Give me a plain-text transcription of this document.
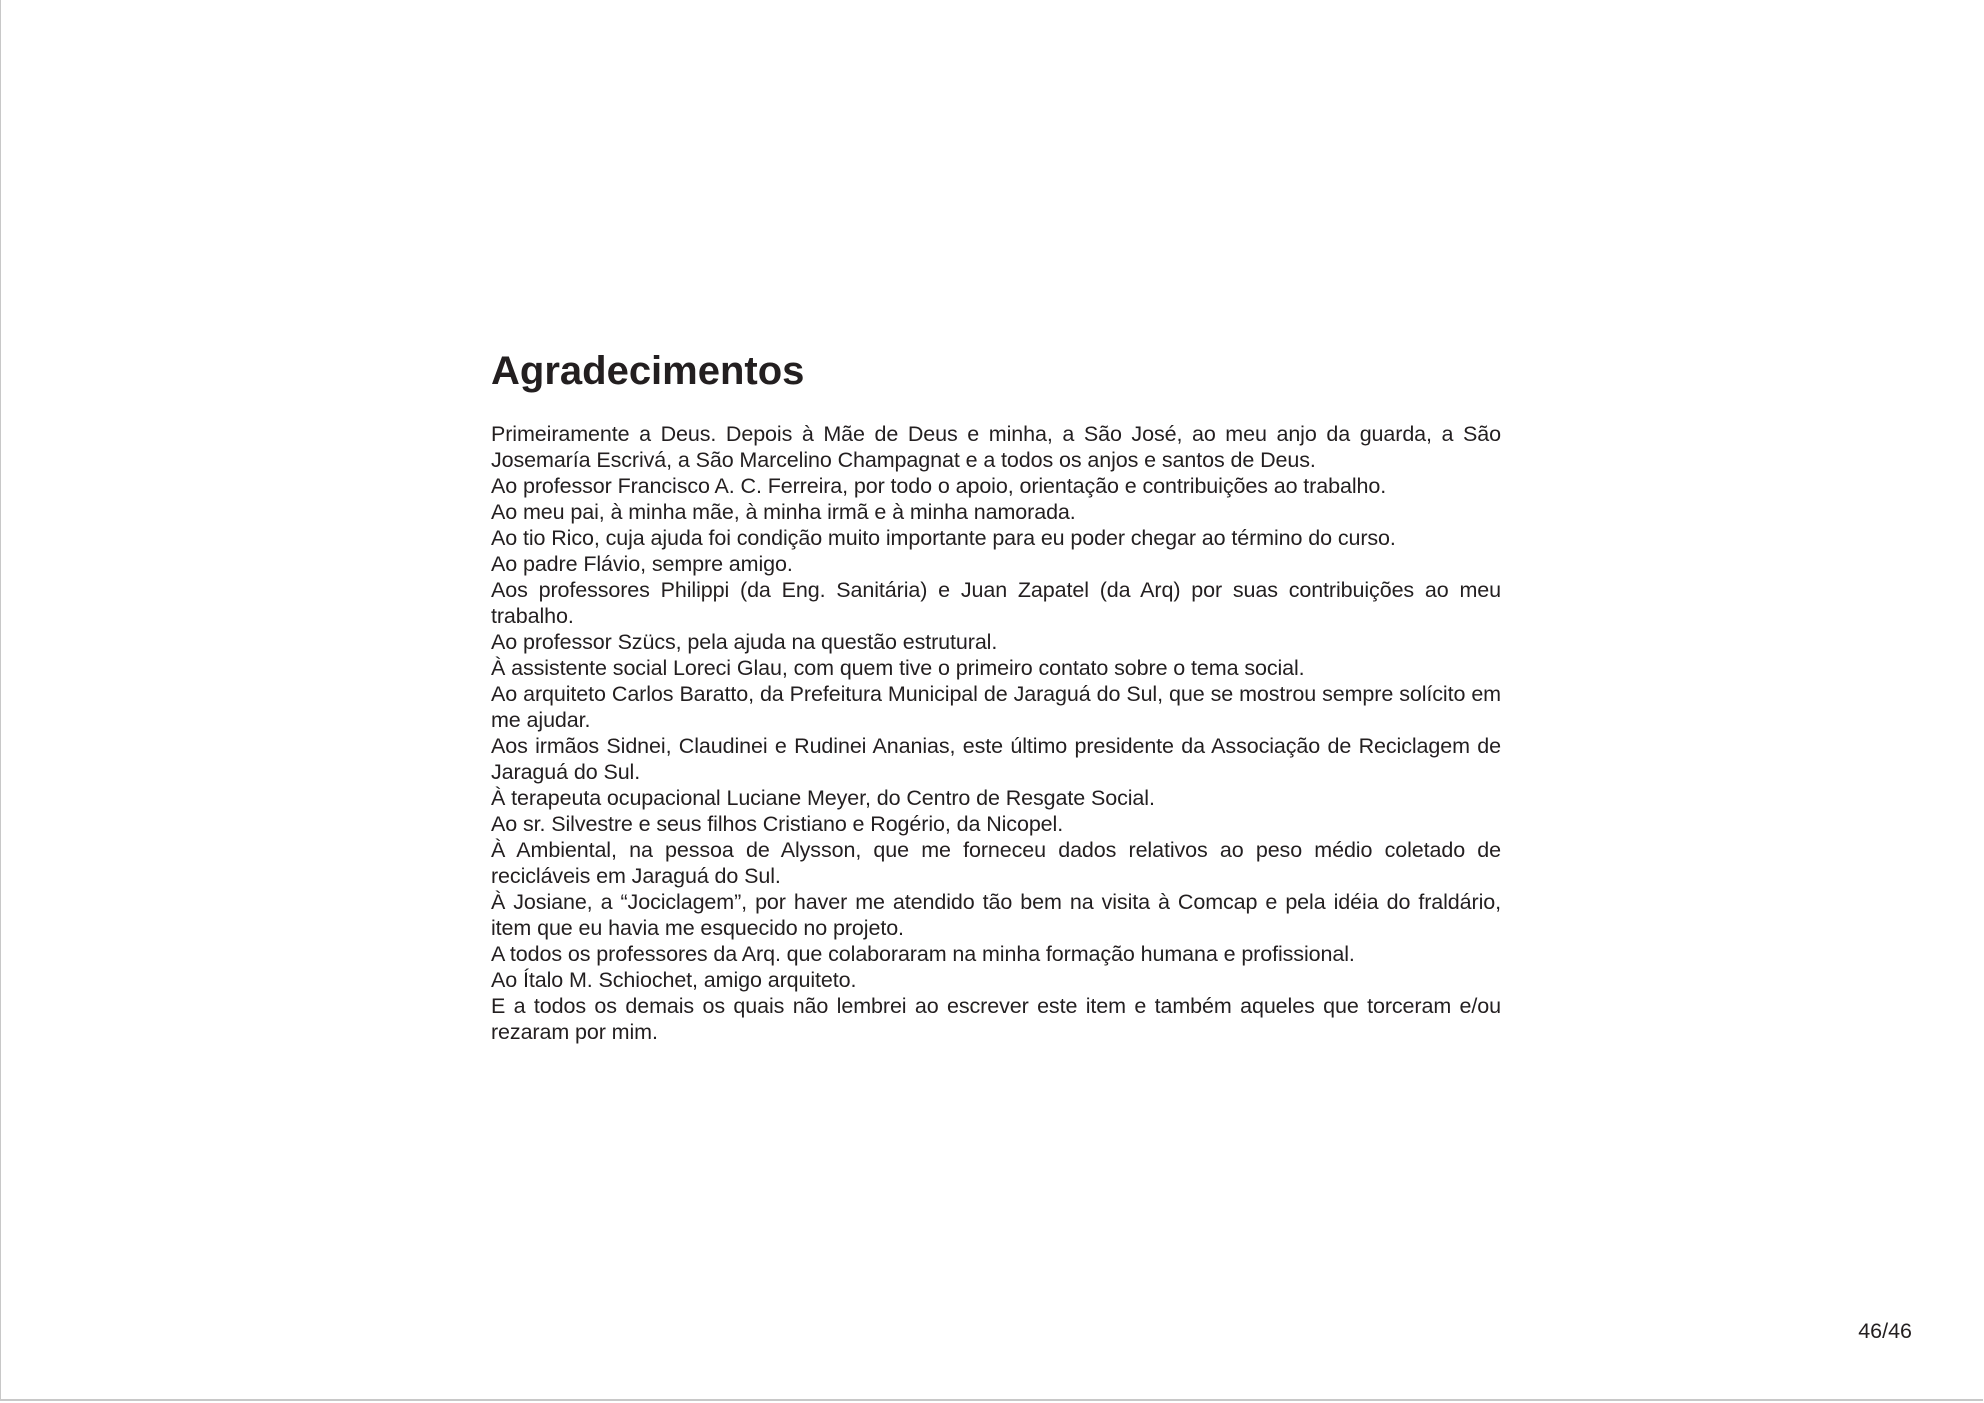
Agradecimentos

Primeiramente a Deus. Depois à Mãe de Deus e minha, a São José, ao meu anjo da guarda, a São Josemaría Escrivá, a São Marcelino Champagnat e a todos os anjos e santos de Deus.

Ao professor Francisco A. C. Ferreira, por todo o apoio, orientação e contribuições ao trabalho.

Ao meu pai, à minha mãe, à minha irmã e à minha namorada.

Ao tio Rico, cuja ajuda foi condição muito importante para eu poder chegar ao término do curso.

Ao padre Flávio, sempre amigo.

Aos professores Philippi (da Eng. Sanitária) e Juan Zapatel (da Arq) por suas contribuições ao meu trabalho.

Ao professor Szücs, pela ajuda na questão estrutural.

À assistente social Loreci Glau, com quem tive o primeiro contato sobre o tema social.

Ao arquiteto Carlos Baratto, da Prefeitura Municipal de Jaraguá do Sul, que se mostrou sempre solícito em me ajudar.

Aos irmãos Sidnei, Claudinei e Rudinei Ananias, este último presidente da Associação de Reciclagem de Jaraguá do Sul.

À terapeuta ocupacional Luciane Meyer, do Centro de Resgate Social.

Ao sr. Silvestre e seus filhos Cristiano e Rogério, da Nicopel.

À Ambiental, na pessoa de Alysson, que me forneceu dados relativos ao peso médio coletado de recicláveis em Jaraguá do Sul.

À Josiane, a “Jociclagem”, por haver me atendido tão bem na visita à Comcap e pela idéia do fraldário, item que eu havia me esquecido no projeto.

A todos os professores da Arq. que colaboraram na minha formação humana e profissional.

Ao Ítalo M. Schiochet, amigo arquiteto.

E a todos os demais os quais não lembrei ao escrever este item e também aqueles que torceram e/ou rezaram por mim.

46/46
